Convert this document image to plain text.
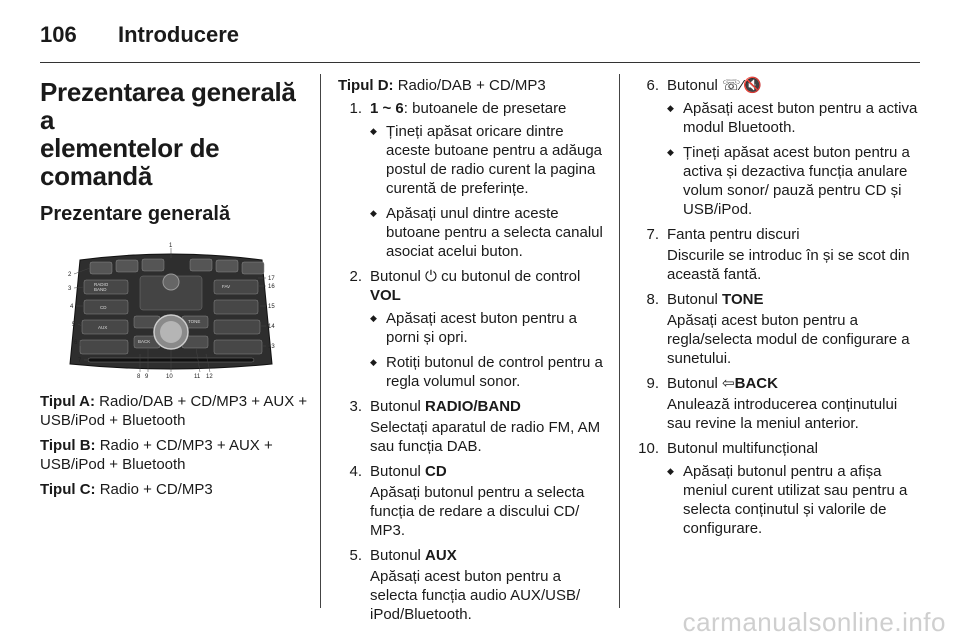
106 Introducere
Prezentarea generală a
elementelor de comandă
Prezentare generală
RADIO BAND
CD
AUX
BACK
TONE
FAV
1
2
3
4
5
6
7
8 9	10	11 12
13
14
15
16
17

Tipul A: Radio/DAB + CD/MP3 + AUX + USB/iPod + Bluetooth

Tipul B: Radio + CD/MP3 + AUX + USB/iPod + Bluetooth

Tipul C: Radio + CD/MP3

Tipul D: Radio/DAB + CD/MP3

1. 1 ~ 6: butoanele de presetare
◆ Țineți apăsat oricare dintre aceste butoane pentru a adăuga postul de radio curent la pagina curentă de preferințe.
◆ Apăsați unul dintre aceste butoane pentru a selecta canalul asociat acelui buton.
2. Butonul ⏻ cu butonul de control
VOL
◆ Apăsați acest buton pentru a porni și opri.
◆ Rotiți butonul de control pentru a regla volumul sonor.
3. Butonul RADIO/BAND
Selectați aparatul de radio FM, AM sau funcția DAB.
4. Butonul CD
Apăsați butonul pentru a selecta funcția de redare a discului CD/ MP3.
5. Butonul AUX
Apăsați acest buton pentru a selecta funcția audio AUX/USB/ iPod/Bluetooth.
6. Butonul ☏⁄🔇
◆ Apăsați acest buton pentru a activa modul Bluetooth.
◆ Țineți apăsat acest buton pentru a activa și dezactiva funcția anulare volum sonor/ pauză pentru CD și USB/iPod.
7. Fanta pentru discuri
Discurile se introduc în și se scot din această fantă.
8. Butonul TONE
Apăsați acest buton pentru a regla/selecta modul de configurare a sunetului.
9. Butonul ⇦BACK
Anulează introducerea conținutului sau revine la meniul anterior.
10. Butonul multifuncțional
◆ Apăsați butonul pentru a afișa meniul curent utilizat sau pentru a selecta conținutul și valorile de configurare.
carmanualsonline.info
